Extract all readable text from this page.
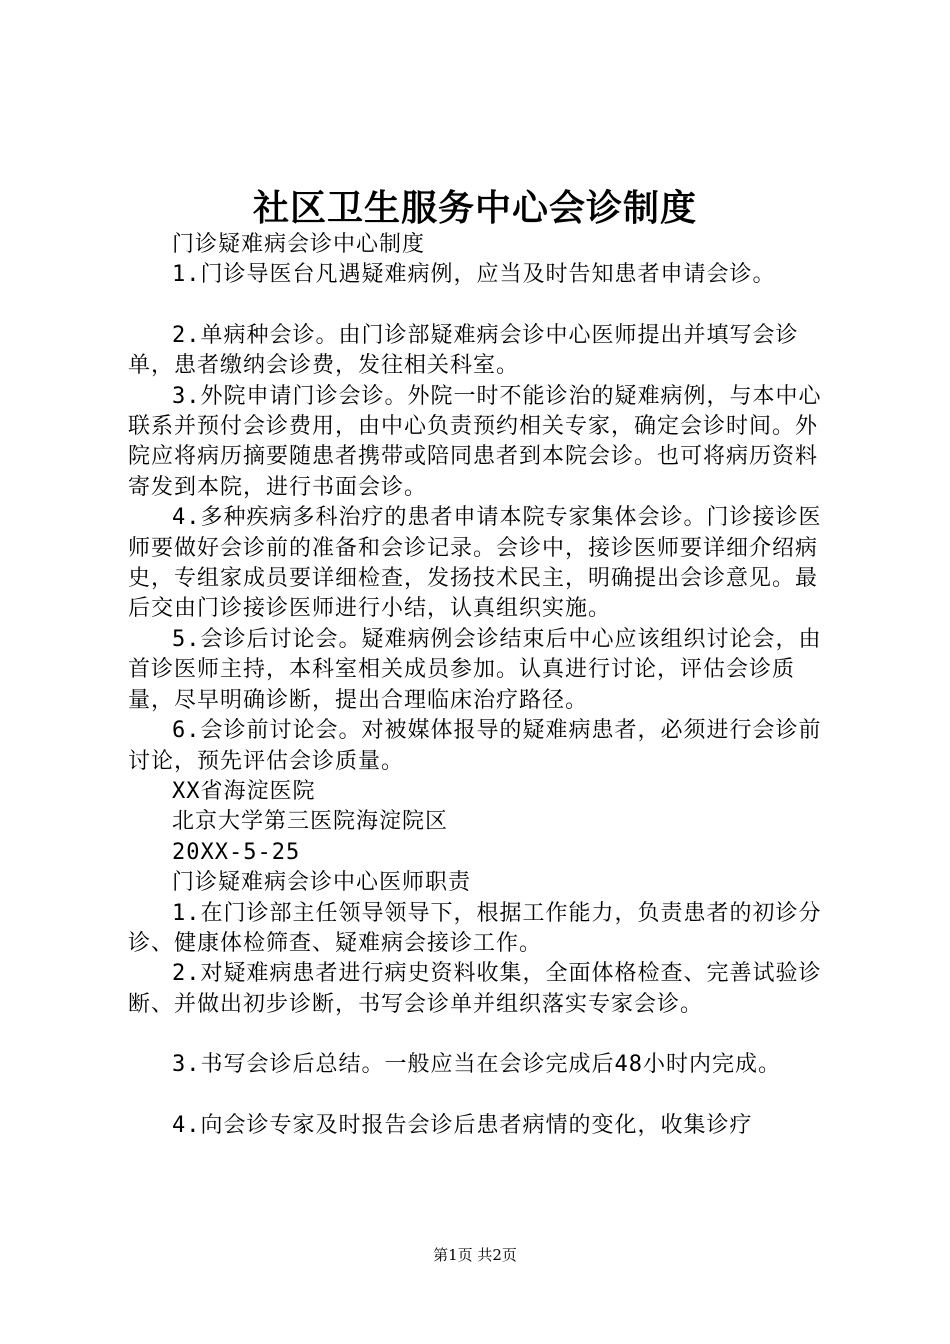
社区卫生服务中心会诊制度

门诊疑难病会诊中心制度

1.门诊导医台凡遇疑难病例，应当及时告知患者申请会诊。

2.单病种会诊。由门诊部疑难病会诊中心医师提出并填写会诊单，患者缴纳会诊费，发往相关科室。

3.外院申请门诊会诊。外院一时不能诊治的疑难病例，与本中心联系并预付会诊费用，由中心负责预约相关专家，确定会诊时间。外院应将病历摘要随患者携带或陪同患者到本院会诊。也可将病历资料寄发到本院，进行书面会诊。

4.多种疾病多科治疗的患者申请本院专家集体会诊。门诊接诊医师要做好会诊前的准备和会诊记录。会诊中，接诊医师要详细介绍病史，专组家成员要详细检查，发扬技术民主，明确提出会诊意见。最后交由门诊接诊医师进行小结，认真组织实施。

5.会诊后讨论会。疑难病例会诊结束后中心应该组织讨论会，由首诊医师主持，本科室相关成员参加。认真进行讨论，评估会诊质量，尽早明确诊断，提出合理临床治疗路径。

6.会诊前讨论会。对被媒体报导的疑难病患者，必须进行会诊前讨论，预先评估会诊质量。

XX省海淀医院

北京大学第三医院海淀院区

20XX-5-25

门诊疑难病会诊中心医师职责

1.在门诊部主任领导领导下，根据工作能力，负责患者的初诊分诊、健康体检筛查、疑难病会接诊工作。

2.对疑难病患者进行病史资料收集，全面体格检查、完善试验诊断、并做出初步诊断，书写会诊单并组织落实专家会诊。

3.书写会诊后总结。一般应当在会诊完成后48小时内完成。

4.向会诊专家及时报告会诊后患者病情的变化，收集诊疗

第1页 共2页
